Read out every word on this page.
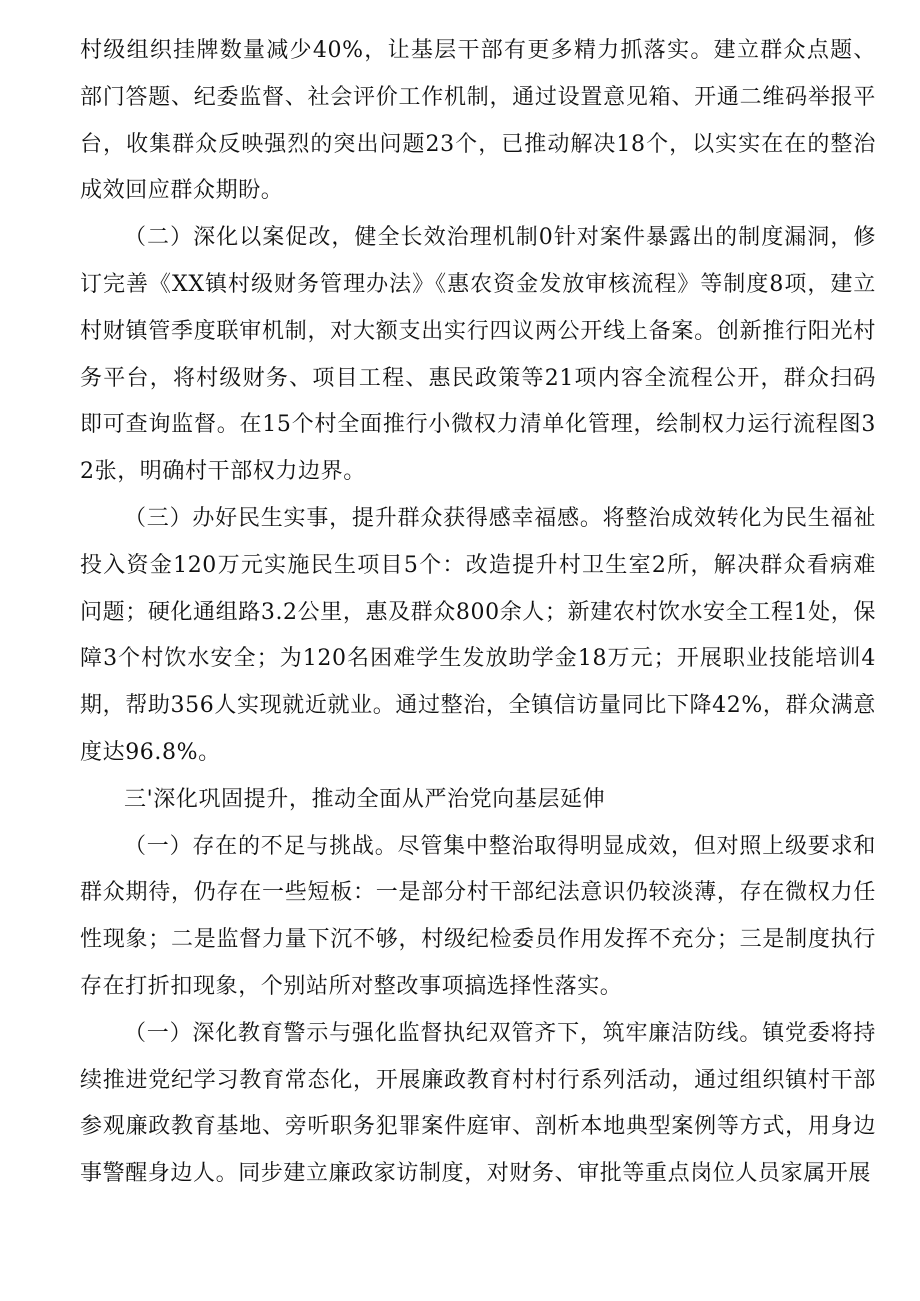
村级组织挂牌数量减少40%，让基层干部有更多精力抓落实。建立群众点题、部门答题、纪委监督、社会评价工作机制，通过设置意见箱、开通二维码举报平台，收集群众反映强烈的突出问题23个，已推动解决18个，以实实在在的整治成效回应群众期盼。

（二）深化以案促改，健全长效治理机制0针对案件暴露出的制度漏洞，修订完善《XX镇村级财务管理办法》《惠农资金发放审核流程》等制度8项，建立村财镇管季度联审机制，对大额支出实行四议两公开线上备案。创新推行阳光村务平台，将村级财务、项目工程、惠民政策等21项内容全流程公开，群众扫码即可查询监督。在15个村全面推行小微权力清单化管理，绘制权力运行流程图32张，明确村干部权力边界。

（三）办好民生实事，提升群众获得感幸福感。将整治成效转化为民生福祉投入资金120万元实施民生项目5个：改造提升村卫生室2所，解决群众看病难问题；硬化通组路3.2公里，惠及群众800余人；新建农村饮水安全工程1处，保障3个村饮水安全；为120名困难学生发放助学金18万元；开展职业技能培训4期，帮助356人实现就近就业。通过整治，全镇信访量同比下降42%，群众满意度达96.8%。

三'深化巩固提升，推动全面从严治党向基层延伸

（一）存在的不足与挑战。尽管集中整治取得明显成效，但对照上级要求和群众期待，仍存在一些短板：一是部分村干部纪法意识仍较淡薄，存在微权力任性现象；二是监督力量下沉不够，村级纪检委员作用发挥不充分；三是制度执行存在打折扣现象，个别站所对整改事项搞选择性落实。

（一）深化教育警示与强化监督执纪双管齐下，筑牢廉洁防线。镇党委将持续推进党纪学习教育常态化，开展廉政教育村村行系列活动，通过组织镇村干部参观廉政教育基地、旁听职务犯罪案件庭审、剖析本地典型案例等方式，用身边事警醒身边人。同步建立廉政家访制度，对财务、审批等重点岗位人员家属开展
